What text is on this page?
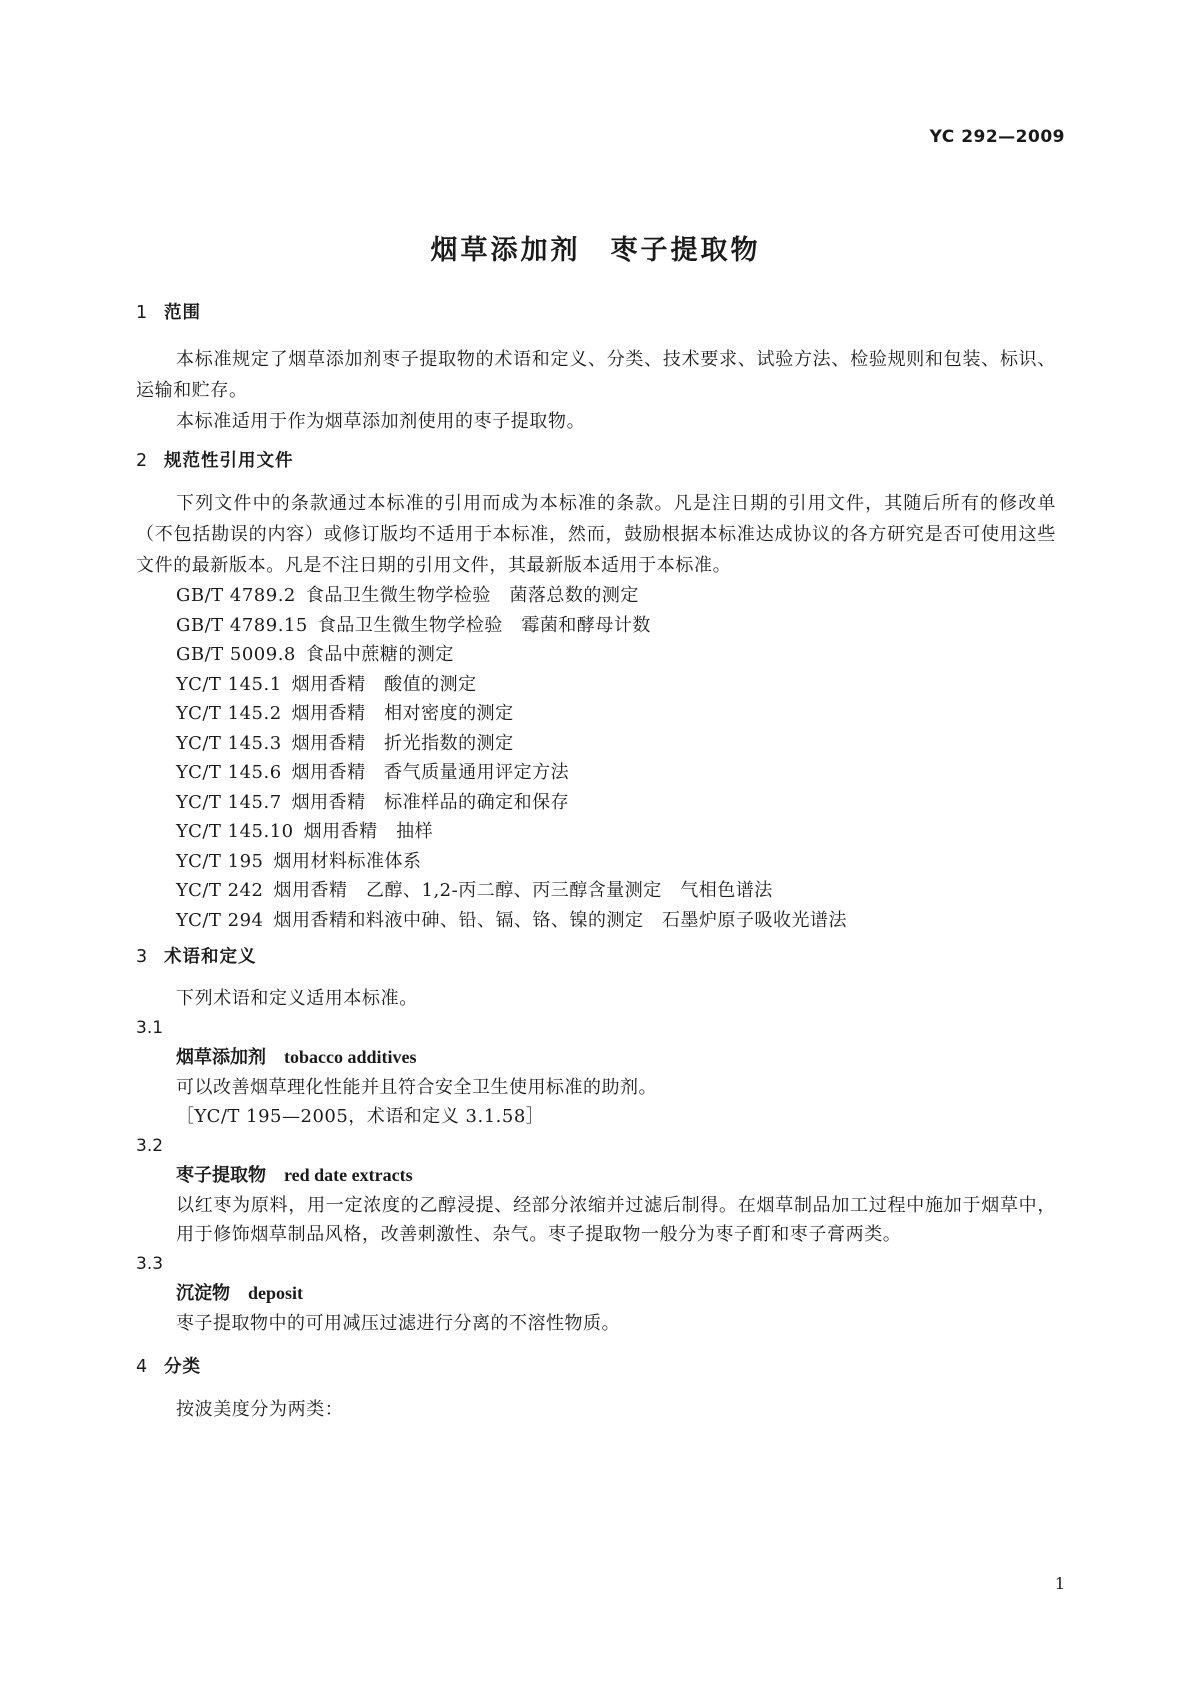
YC 292—2009
烟草添加剂　枣子提取物
1 范围

本标准规定了烟草添加剂枣子提取物的术语和定义、分类、技术要求、试验方法、检验规则和包装、标识、运输和贮存。

本标准适用于作为烟草添加剂使用的枣子提取物。

2 规范性引用文件

下列文件中的条款通过本标准的引用而成为本标准的条款。凡是注日期的引用文件，其随后所有的修改单（不包括勘误的内容）或修订版均不适用于本标准，然而，鼓励根据本标准达成协议的各方研究是否可使用这些文件的最新版本。凡是不注日期的引用文件，其最新版本适用于本标准。

GB/T 4789.2 食品卫生微生物学检验　菌落总数的测定
GB/T 4789.15 食品卫生微生物学检验　霉菌和酵母计数
GB/T 5009.8 食品中蔗糖的测定
YC/T 145.1 烟用香精　酸值的测定
YC/T 145.2 烟用香精　相对密度的测定
YC/T 145.3 烟用香精　折光指数的测定
YC/T 145.6 烟用香精　香气质量通用评定方法
YC/T 145.7 烟用香精　标准样品的确定和保存
YC/T 145.10 烟用香精　抽样
YC/T 195 烟用材料标准体系
YC/T 242 烟用香精　乙醇、1,2-丙二醇、丙三醇含量测定　气相色谱法
YC/T 294 烟用香精和料液中砷、铅、镉、铬、镍的测定　石墨炉原子吸收光谱法
3 术语和定义

下列术语和定义适用本标准。

3.1
烟草添加剂 tobacco additives
可以改善烟草理化性能并且符合安全卫生使用标准的助剂。
［YC/T 195—2005，术语和定义 3.1.58］
3.2
枣子提取物 red date extracts

以红枣为原料，用一定浓度的乙醇浸提、经部分浓缩并过滤后制得。在烟草制品加工过程中施加于烟草中，用于修饰烟草制品风格，改善刺激性、杂气。枣子提取物一般分为枣子酊和枣子膏两类。

3.3
沉淀物 deposit
枣子提取物中的可用减压过滤进行分离的不溶性物质。
4 分类

按波美度分为两类：

1
